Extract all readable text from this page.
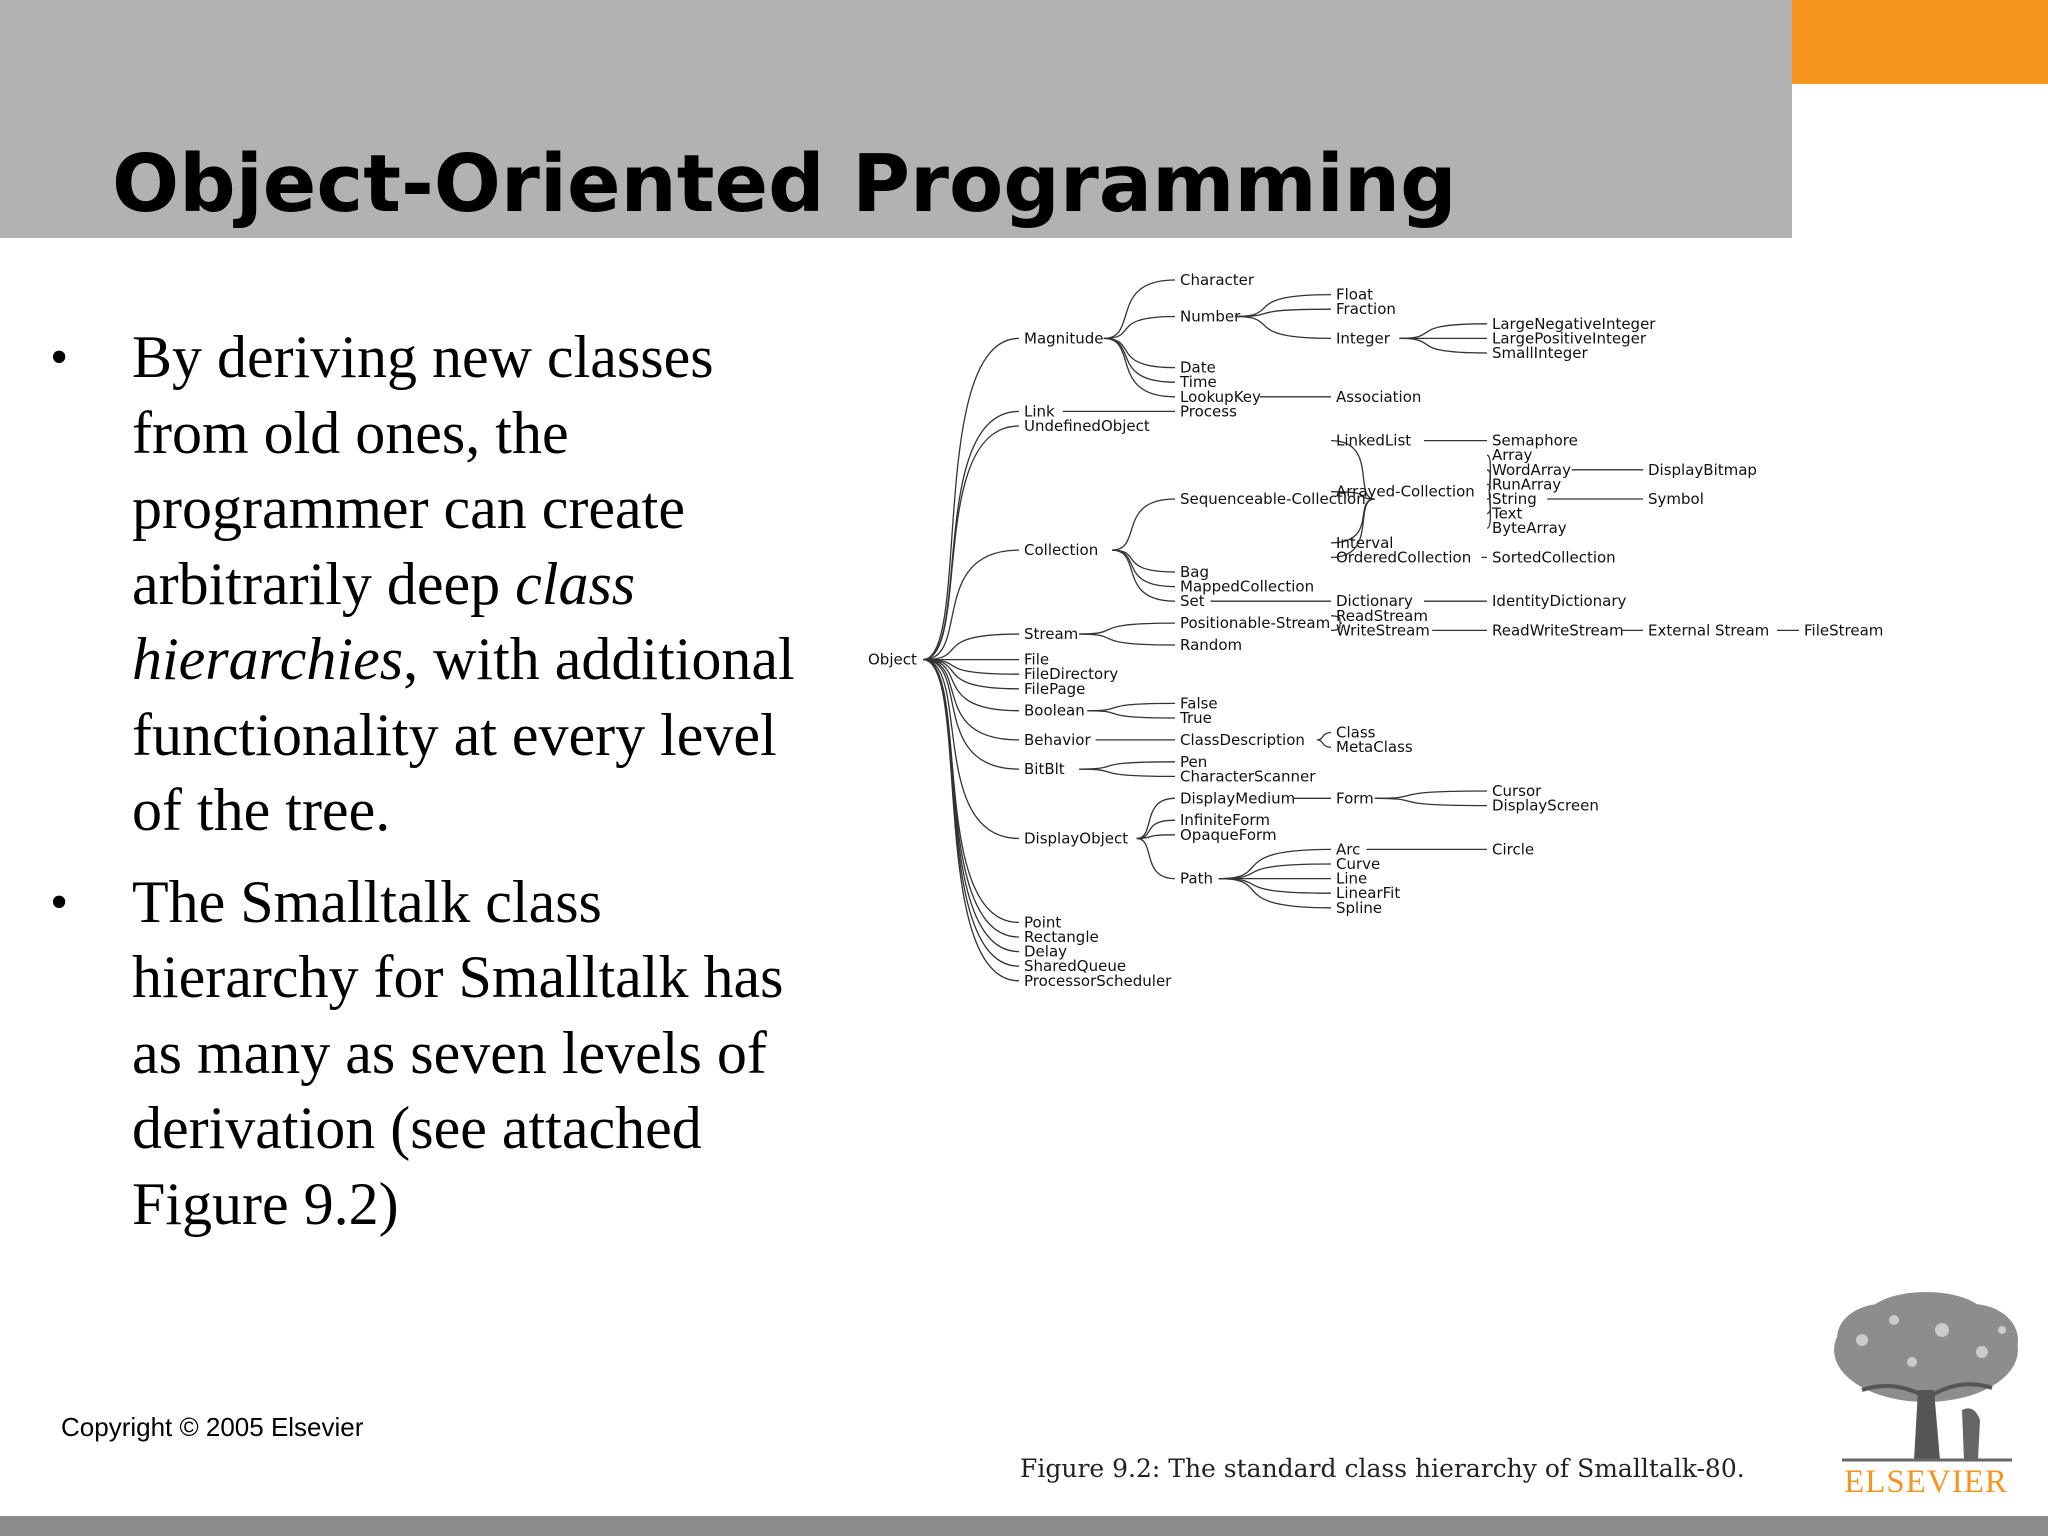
Object-Oriented Programming
• By deriving new classes from old ones, the programmer can create arbitrarily deep class hierarchies, with additional functionality at every level of the tree.
• The Smalltalk class hierarchy for Smalltalk has as many as seven levels of derivation (see attached Figure 9.2)
Copyright © 2005 Elsevier
Object
Magnitude
Character
Number
Float
Fraction
Integer
LargeNegativeInteger
LargePositiveInteger
SmallInteger
Date
Time
LookupKey	Association
Link	Process
UndefinedObject
Collection
Sequenceable-Collection
LinkedList	Semaphore
Arrayed-Collection
Array
WordArray	DisplayBitmap
RunArray
String	Symbol
Text
ByteArray
Interval
OrderedCollection SortedCollection
Bag
MappedCollection
Set	Dictionary	IdentityDictionary
Stream
Positionable-Stream ReadStream
WriteStream	ReadWriteStream External Stream FileStream
Random
File
FileDirectory
FilePage
Boolean	False
True
Behavior	ClassDescription Class
MetaClass
BitBlt	Pen
CharacterScanner
DisplayObject
DisplayMedium	Form	Cursor
DisplayScreen
InfiniteForm
OpaqueForm
Path
Arc	Circle
Curve
Line
LinearFit
Spline
Point
Rectangle
Delay
SharedQueue
ProcessorScheduler
Figure 9.2: The standard class hierarchy of Smalltalk-80.	ELSEVIER
